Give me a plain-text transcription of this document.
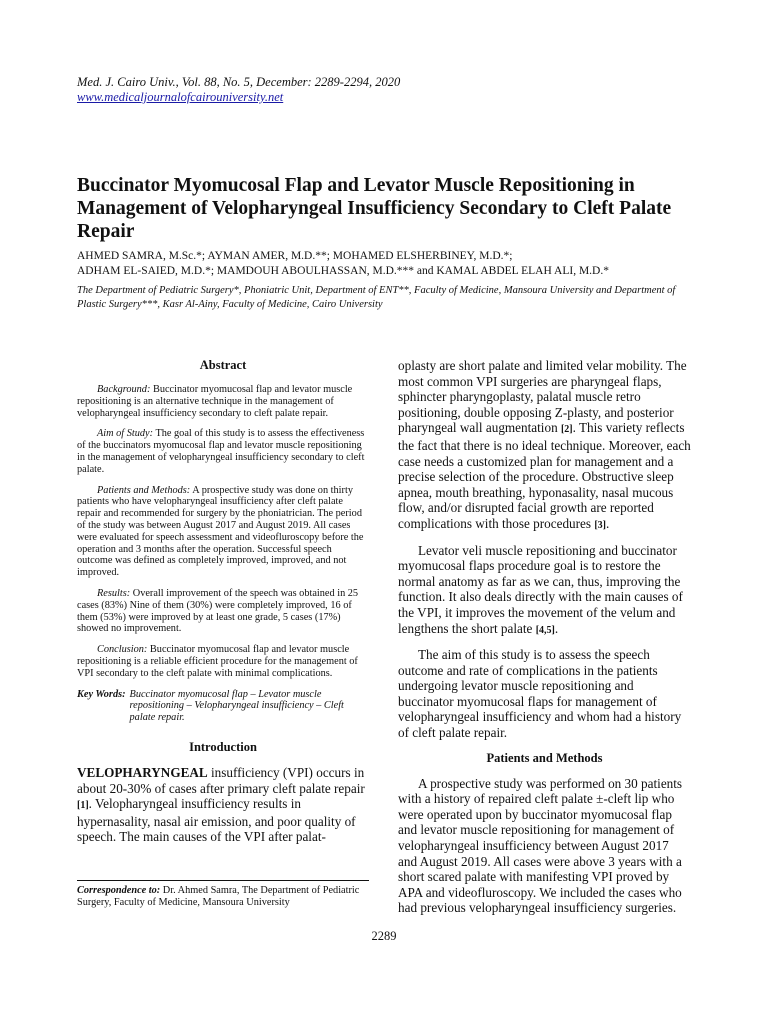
Med. J. Cairo Univ., Vol. 88, No. 5, December: 2289-2294, 2020
www.medicaljournalofcairouniversity.net
Buccinator Myomucosal Flap and Levator Muscle Repositioning in Management of Velopharyngeal Insufficiency Secondary to Cleft Palate Repair
AHMED SAMRA, M.Sc.*; AYMAN AMER, M.D.**; MOHAMED ELSHERBINEY, M.D.*;
ADHAM EL-SAIED, M.D.*; MAMDOUH ABOULHASSAN, M.D.*** and KAMAL ABDEL ELAH ALI, M.D.*
The Department of Pediatric Surgery*, Phoniatric Unit, Department of ENT**, Faculty of Medicine, Mansoura University and Department of Plastic Surgery***, Kasr Al-Ainy, Faculty of Medicine, Cairo University
Abstract

Background: Buccinator myomucosal flap and levator muscle repositioning is an alternative technique in the management of velopharyngeal insufficiency secondary to cleft palate repair.

Aim of Study: The goal of this study is to assess the effectiveness of the buccinators myomucosal flap and levator muscle repositioning in the management of velopharyngeal insufficiency secondary to cleft palate.

Patients and Methods: A prospective study was done on thirty patients who have velopharyngeal insufficiency after cleft palate repair and recommended for surgery by the phoniatrician. The period of the study was between August 2017 and August 2019. All cases were evaluated for speech assessment and videofluroscopy before the operation and 3 months after the operation. Successful speech outcome was defined as completely improved, improved, and not improved.

Results: Overall improvement of the speech was obtained in 25 cases (83%) Nine of them (30%) were completely improved, 16 of them (53%) were improved by at least one grade, 5 cases (17%) showed no improvement.

Conclusion: Buccinator myomucosal flap and levator muscle repositioning is a reliable efficient procedure for the management of VPI secondary to the cleft palate with minimal complications.

Key Words: Buccinator myomucosal flap – Levator muscle repositioning – Velopharyngeal insufficiency – Cleft palate repair.
Introduction

VELOPHARYNGEAL insufficiency (VPI) occurs in about 20-30% of cases after primary cleft palate repair [1]. Velopharyngeal insufficiency results in hypernasality, nasal air emission, and poor quality of speech. The main causes of the VPI after palat-

Correspondence to: Dr. Ahmed Samra, The Department of Pediatric Surgery, Faculty of Medicine, Mansoura University

oplasty are short palate and limited velar mobility. The most common VPI surgeries are pharyngeal flaps, sphincter pharyngoplasty, palatal muscle retro positioning, double opposing Z-plasty, and posterior pharyngeal wall augmentation [2]. This variety reflects the fact that there is no ideal technique. Moreover, each case needs a customized plan for management and a precise selection of the procedure. Obstructive sleep apnea, mouth breathing, hyponasality, nasal mucous flow, and/or disrupted facial growth are reported complications with those procedures [3].

Levator veli muscle repositioning and buccinator myomucosal flaps procedure goal is to restore the normal anatomy as far as we can, thus, improving the function. It also deals directly with the main causes of the VPI, it improves the movement of the velum and lengthens the short palate [4,5].

The aim of this study is to assess the speech outcome and rate of complications in the patients undergoing levator muscle repositioning and buccinator myomucosal flaps for management of velopharyngeal insufficiency and whom had a history of cleft palate repair.

Patients and Methods

A prospective study was performed on 30 patients with a history of repaired cleft palate ±-cleft lip who were operated upon by buccinator myomucosal flap and levator muscle repositioning for management of velopharyngeal insufficiency between August 2017 and August 2019. All cases were above 3 years with a short scared palate with manifesting VPI proved by APA and videofluroscopy. We included the cases who had previous velopharyngeal insufficiency surgeries.

2289
